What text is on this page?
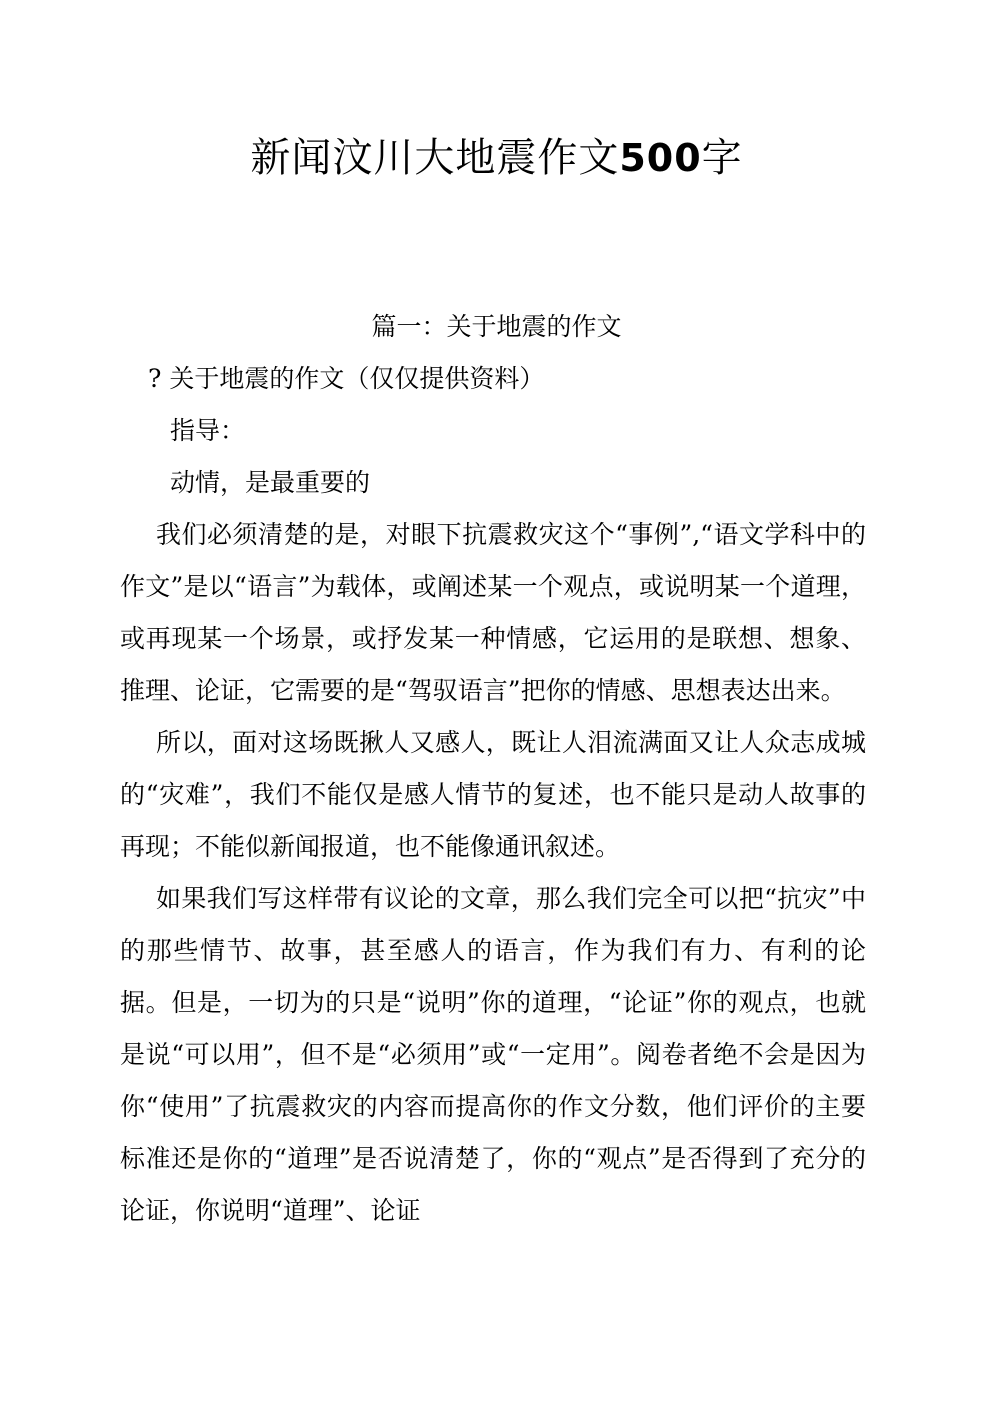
新闻汶川大地震作文500字
篇一：关于地震的作文
? 关于地震的作文（仅仅提供资料）
指导：
动情，是最重要的

我们必须清楚的是，对眼下抗震救灾这个“事例”,“语文学科中的作文”是以“语言”为载体，或阐述某一个观点，或说明某一个道理，或再现某一个场景，或抒发某一种情感，它运用的是联想、想象、推理、论证，它需要的是“驾驭语言”把你的情感、思想表达出来。

所以，面对这场既揪人又感人，既让人泪流满面又让人众志成城的“灾难”，我们不能仅是感人情节的复述，也不能只是动人故事的再现；不能似新闻报道，也不能像通讯叙述。

如果我们写这样带有议论的文章，那么我们完全可以把“抗灾”中的那些情节、故事，甚至感人的语言，作为我们有力、有利的论据。但是，一切为的只是“说明”你的道理，“论证”你的观点，也就是说“可以用”，但不是“必须用”或“一定用”。阅卷者绝不会是因为你“使用”了抗震救灾的内容而提高你的作文分数，他们评价的主要标准还是你的“道理”是否说清楚了，你的“观点”是否得到了充分的论证，你说明“道理”、论证
